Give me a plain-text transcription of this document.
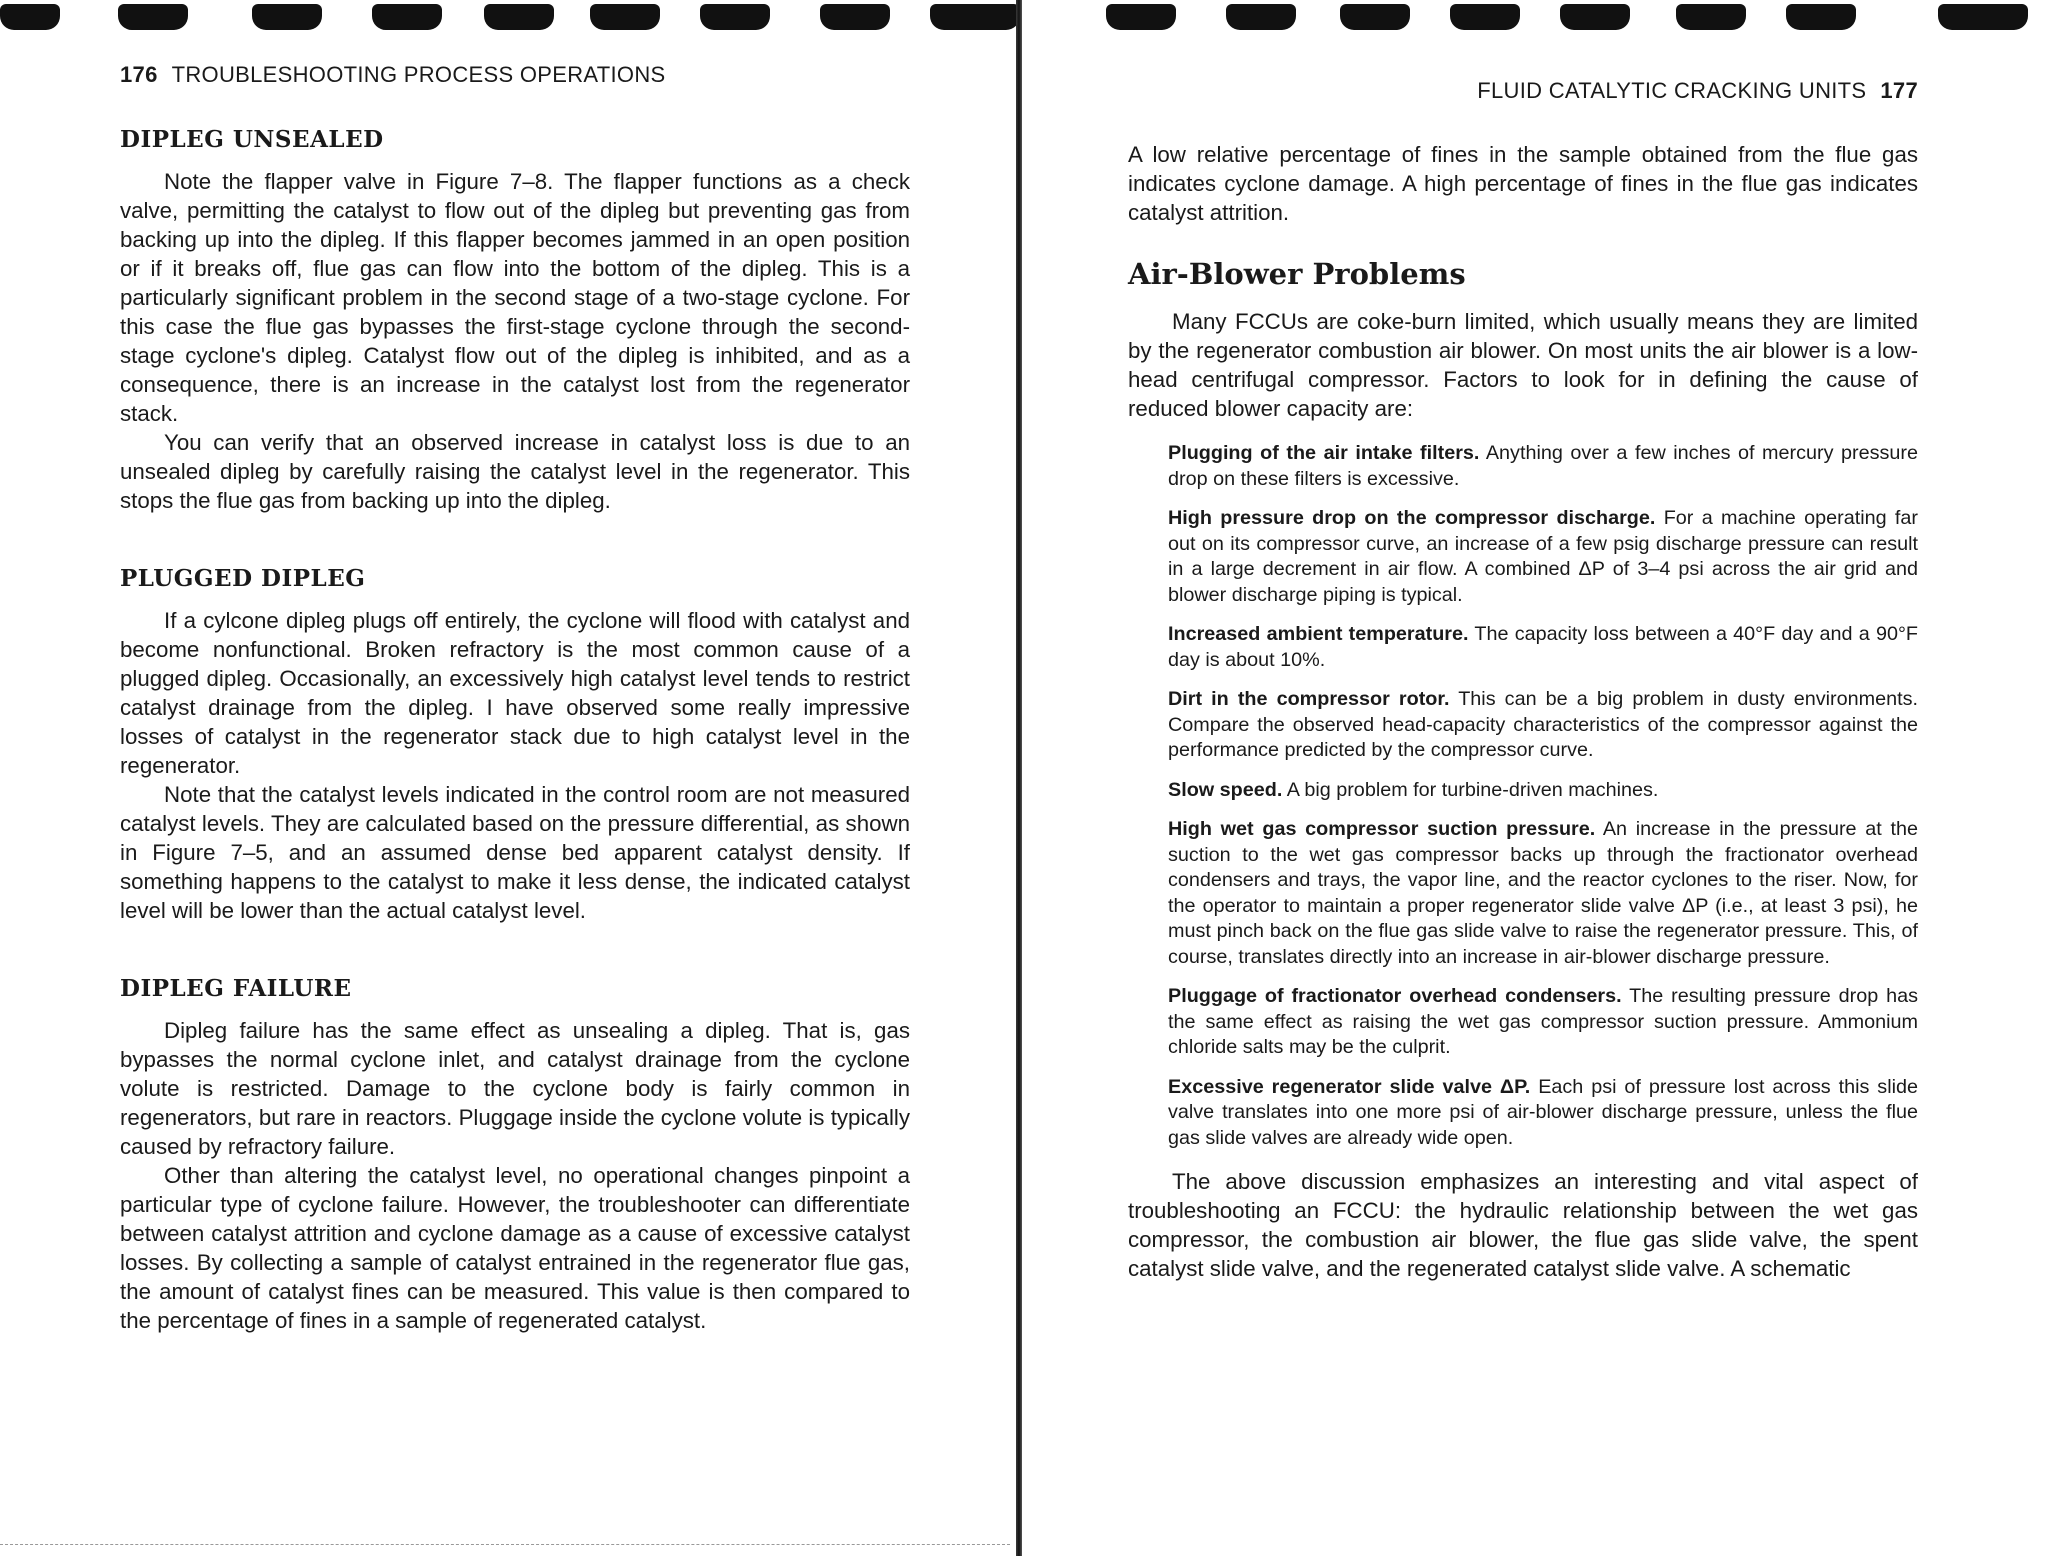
176 TROUBLESHOOTING PROCESS OPERATIONS
DIPLEG UNSEALED

Note the flapper valve in Figure 7–8. The flapper functions as a check valve, permitting the catalyst to flow out of the dipleg but preventing gas from backing up into the dipleg. If this flapper becomes jammed in an open position or if it breaks off, flue gas can flow into the bottom of the dipleg. This is a particularly significant problem in the second stage of a two-stage cyclone. For this case the flue gas bypasses the first-stage cyclone through the second-stage cyclone's dipleg. Catalyst flow out of the dipleg is inhibited, and as a consequence, there is an increase in the catalyst lost from the regenerator stack.

You can verify that an observed increase in catalyst loss is due to an unsealed dipleg by carefully raising the catalyst level in the regenerator. This stops the flue gas from backing up into the dipleg.

PLUGGED DIPLEG

If a cylcone dipleg plugs off entirely, the cyclone will flood with catalyst and become nonfunctional. Broken refractory is the most common cause of a plugged dipleg. Occasionally, an excessively high catalyst level tends to restrict catalyst drainage from the dipleg. I have observed some really impressive losses of catalyst in the regenerator stack due to high catalyst level in the regenerator.

Note that the catalyst levels indicated in the control room are not measured catalyst levels. They are calculated based on the pressure differential, as shown in Figure 7–5, and an assumed dense bed apparent catalyst density. If something happens to the catalyst to make it less dense, the indicated catalyst level will be lower than the actual catalyst level.

DIPLEG FAILURE

Dipleg failure has the same effect as unsealing a dipleg. That is, gas bypasses the normal cyclone inlet, and catalyst drainage from the cyclone volute is restricted. Damage to the cyclone body is fairly common in regenerators, but rare in reactors. Pluggage inside the cyclone volute is typically caused by refractory failure.

Other than altering the catalyst level, no operational changes pinpoint a particular type of cyclone failure. However, the troubleshooter can differentiate between catalyst attrition and cyclone damage as a cause of excessive catalyst losses. By collecting a sample of catalyst entrained in the regenerator flue gas, the amount of catalyst fines can be measured. This value is then compared to the percentage of fines in a sample of regenerated catalyst.

FLUID CATALYTIC CRACKING UNITS 177

A low relative percentage of fines in the sample obtained from the flue gas indicates cyclone damage. A high percentage of fines in the flue gas indicates catalyst attrition.

Air-Blower Problems

Many FCCUs are coke-burn limited, which usually means they are limited by the regenerator combustion air blower. On most units the air blower is a low-head centrifugal compressor. Factors to look for in defining the cause of reduced blower capacity are:

Plugging of the air intake filters. Anything over a few inches of mercury pressure drop on these filters is excessive.
High pressure drop on the compressor discharge. For a machine operating far out on its compressor curve, an increase of a few psig discharge pressure can result in a large decrement in air flow. A combined ΔP of 3–4 psi across the air grid and blower discharge piping is typical.
Increased ambient temperature. The capacity loss between a 40°F day and a 90°F day is about 10%.
Dirt in the compressor rotor. This can be a big problem in dusty environments. Compare the observed head-capacity characteristics of the compressor against the performance predicted by the compressor curve.
Slow speed. A big problem for turbine-driven machines.
High wet gas compressor suction pressure. An increase in the pressure at the suction to the wet gas compressor backs up through the fractionator overhead condensers and trays, the vapor line, and the reactor cyclones to the riser. Now, for the operator to maintain a proper regenerator slide valve ΔP (i.e., at least 3 psi), he must pinch back on the flue gas slide valve to raise the regenerator pressure. This, of course, translates directly into an increase in air-blower discharge pressure.
Pluggage of fractionator overhead condensers. The resulting pressure drop has the same effect as raising the wet gas compressor suction pressure. Ammonium chloride salts may be the culprit.
Excessive regenerator slide valve ΔP. Each psi of pressure lost across this slide valve translates into one more psi of air-blower discharge pressure, unless the flue gas slide valves are already wide open.

The above discussion emphasizes an interesting and vital aspect of troubleshooting an FCCU: the hydraulic relationship between the wet gas compressor, the combustion air blower, the flue gas slide valve, the spent catalyst slide valve, and the regenerated catalyst slide valve. A schematic
